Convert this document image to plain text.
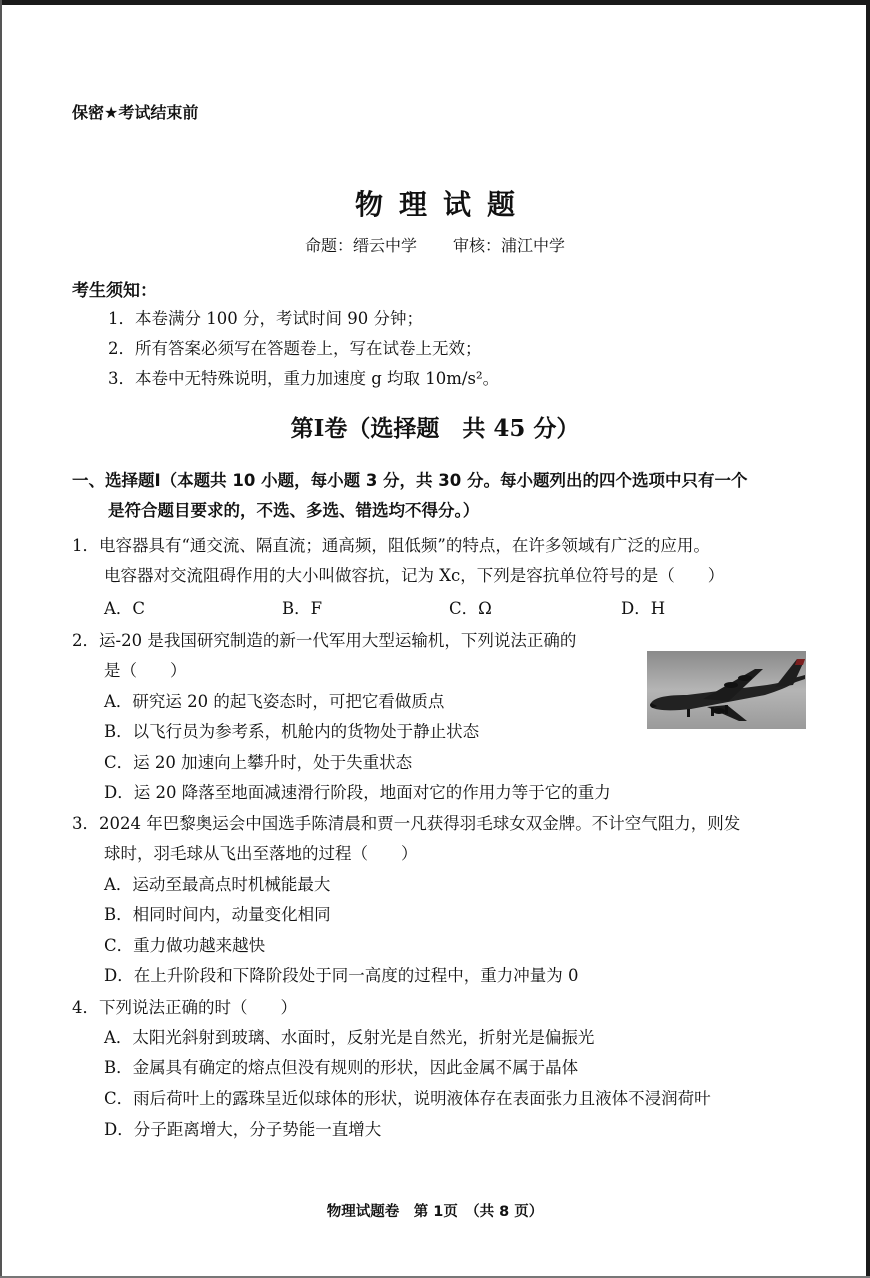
保密★考试结束前
物理试题
命题：缙云中学 审核：浦江中学
考生须知：
1．本卷满分 100 分，考试时间 90 分钟；
2．所有答案必须写在答题卷上，写在试卷上无效；
3．本卷中无特殊说明，重力加速度 g 均取 10m/s²。
第Ⅰ卷（选择题　共 45 分）
一、选择题Ⅰ（本题共 10 小题，每小题 3 分，共 30 分。每小题列出的四个选项中只有一个
是符合题目要求的，不选、多选、错选均不得分。）
1．电容器具有“通交流、隔直流；通高频，阻低频”的特点，在许多领域有广泛的应用。
电容器对交流阻碍作用的大小叫做容抗，记为 Xc，下列是容抗单位符号的是（　　）
A．C	B．F	C．Ω	D．H
2．运-20 是我国研究制造的新一代军用大型运输机，下列说法正确的
是（　　）
A．研究运 20 的起飞姿态时，可把它看做质点
B．以飞行员为参考系，机舱内的货物处于静止状态
C．运 20 加速向上攀升时，处于失重状态
D．运 20 降落至地面减速滑行阶段，地面对它的作用力等于它的重力
3．2024 年巴黎奥运会中国选手陈清晨和贾一凡获得羽毛球女双金牌。不计空气阻力，则发
球时，羽毛球从飞出至落地的过程（　　）
A．运动至最高点时机械能最大
B．相同时间内，动量变化相同
C．重力做功越来越快
D．在上升阶段和下降阶段处于同一高度的过程中，重力冲量为 0
4．下列说法正确的时（　　）
A．太阳光斜射到玻璃、水面时，反射光是自然光，折射光是偏振光
B．金属具有确定的熔点但没有规则的形状，因此金属不属于晶体
C．雨后荷叶上的露珠呈近似球体的形状，说明液体存在表面张力且液体不浸润荷叶
D．分子距离增大，分子势能一直增大
物理试题卷　第 1页　（共 8 页）
